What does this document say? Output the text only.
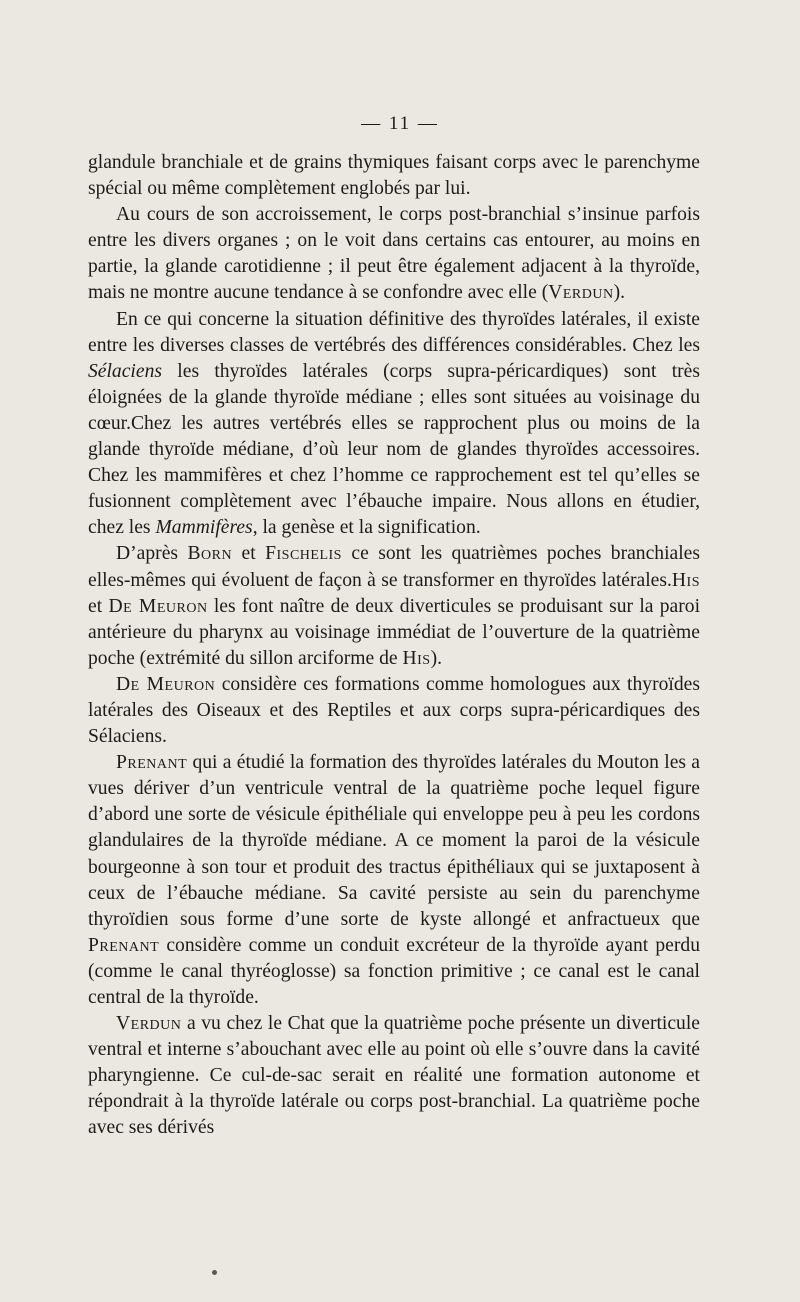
— 11 —

glandule branchiale et de grains thymiques faisant corps avec le parenchyme spécial ou même complètement englobés par lui.

Au cours de son accroissement, le corps post-branchial s’insinue parfois entre les divers organes ; on le voit dans certains cas entourer, au moins en partie, la glande carotidienne ; il peut être également adjacent à la thyroïde, mais ne montre aucune tendance à se confondre avec elle (Verdun).

En ce qui concerne la situation définitive des thyroïdes latérales, il existe entre les diverses classes de vertébrés des différences considérables. Chez les Sélaciens les thyroïdes latérales (corps supra-péricardiques) sont très éloignées de la glande thyroïde médiane ; elles sont situées au voisinage du cœur.Chez les autres vertébrés elles se rapprochent plus ou moins de la glande thyroïde médiane, d’où leur nom de glandes thyroïdes accessoires. Chez les mammifères et chez l’homme ce rapprochement est tel qu’elles se fusionnent complètement avec l’ébauche impaire. Nous allons en étudier, chez les Mammifères, la genèse et la signification.

D’après Born et Fischelis ce sont les quatrièmes poches branchiales elles-mêmes qui évoluent de façon à se transformer en thyroïdes latérales.His et De Meuron les font naître de deux diverticules se produisant sur la paroi antérieure du pharynx au voisinage immédiat de l’ouverture de la quatrième poche (extrémité du sillon arciforme de His).

De Meuron considère ces formations comme homologues aux thyroïdes latérales des Oiseaux et des Reptiles et aux corps supra-péricardiques des Sélaciens.

Prenant qui a étudié la formation des thyroïdes latérales du Mouton les a vues dériver d’un ventricule ventral de la quatrième poche lequel figure d’abord une sorte de vésicule épithéliale qui enveloppe peu à peu les cordons glandulaires de la thyroïde médiane. A ce moment la paroi de la vésicule bourgeonne à son tour et produit des tractus épithéliaux qui se juxtaposent à ceux de l’ébauche médiane. Sa cavité persiste au sein du parenchyme thyroïdien sous forme d’une sorte de kyste allongé et anfractueux que Prenant considère comme un conduit excréteur de la thyroïde ayant perdu (comme le canal thyréoglosse) sa fonction primitive ; ce canal est le canal central de la thyroïde.

Verdun a vu chez le Chat que la quatrième poche présente un diverticule ventral et interne s’abouchant avec elle au point où elle s’ouvre dans la cavité pharyngienne. Ce cul-de-sac serait en réalité une formation autonome et répondrait à la thyroïde latérale ou corps post-branchial. La quatrième poche avec ses dérivés
